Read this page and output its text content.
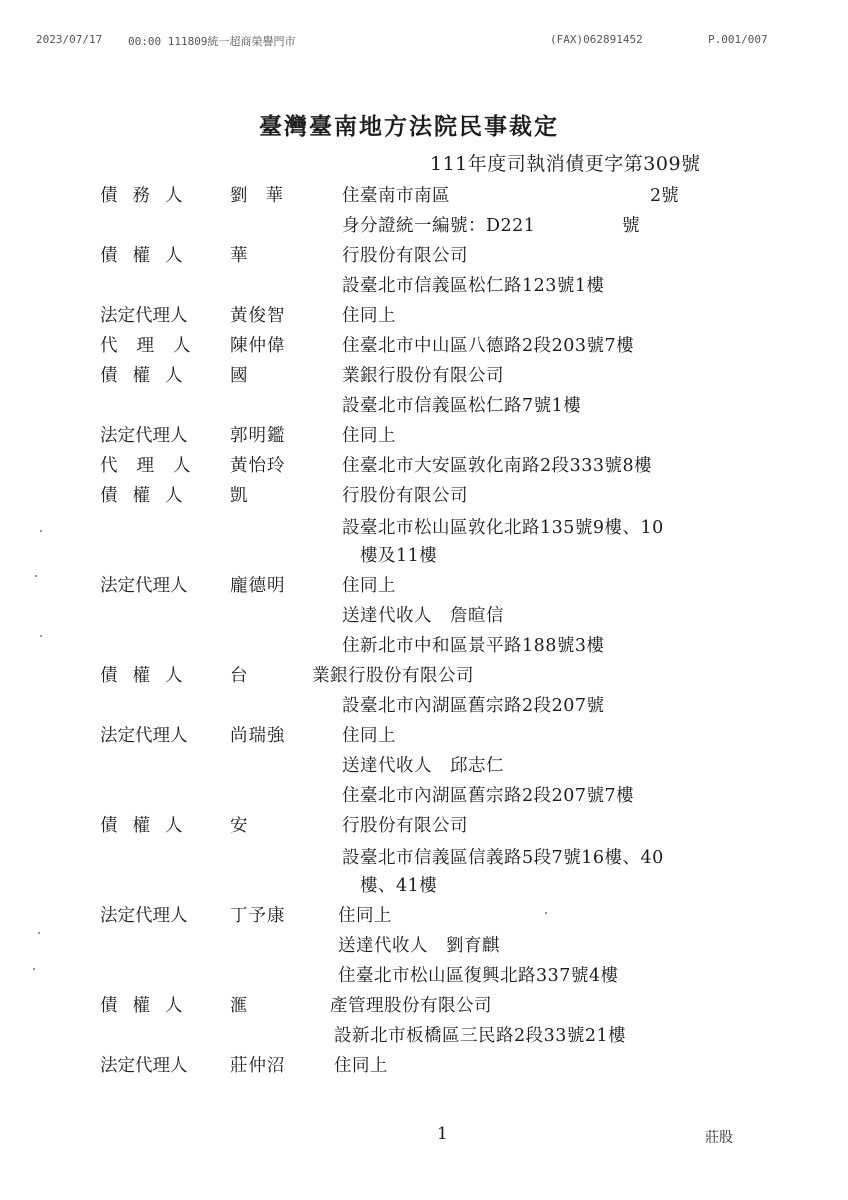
2023/07/17 00:00 111809統一超商榮譽門市	(FAX)062891452	P.001/007
臺灣臺南地方法院民事裁定
111年度司執消債更字第309號
債務人 劉華 住臺南市南區	2號
身分證統一編號：D221	號
債權人 華	行股份有限公司
設臺北市信義區松仁路123號1樓
法定代理人 黃俊智	住同上
代理人 陳仲偉	住臺北市中山區八德路2段203號7樓
債權人 國	業銀行股份有限公司
設臺北市信義區松仁路7號1樓
法定代理人 郭明鑑	住同上
代理人 黃怡玲	住臺北市大安區敦化南路2段333號8樓
債權人 凱	行股份有限公司
設臺北市松山區敦化北路135號9樓、10
樓及11樓
法定代理人 龐德明	住同上
送達代收人　詹暄信
住新北市中和區景平路188號3樓
債權人 台	業銀行股份有限公司
設臺北市內湖區舊宗路2段207號
法定代理人 尚瑞強	住同上
送達代收人　邱志仁
住臺北市內湖區舊宗路2段207號7樓
債權人 安	行股份有限公司
設臺北市信義區信義路5段7號16樓、40
樓、41樓
法定代理人 丁予康	住同上
送達代收人　劉育麒
住臺北市松山區復興北路337號4樓
債權人 滙	產管理股份有限公司
設新北市板橋區三民路2段33號21樓
法定代理人 莊仲沼	住同上
1	莊股
